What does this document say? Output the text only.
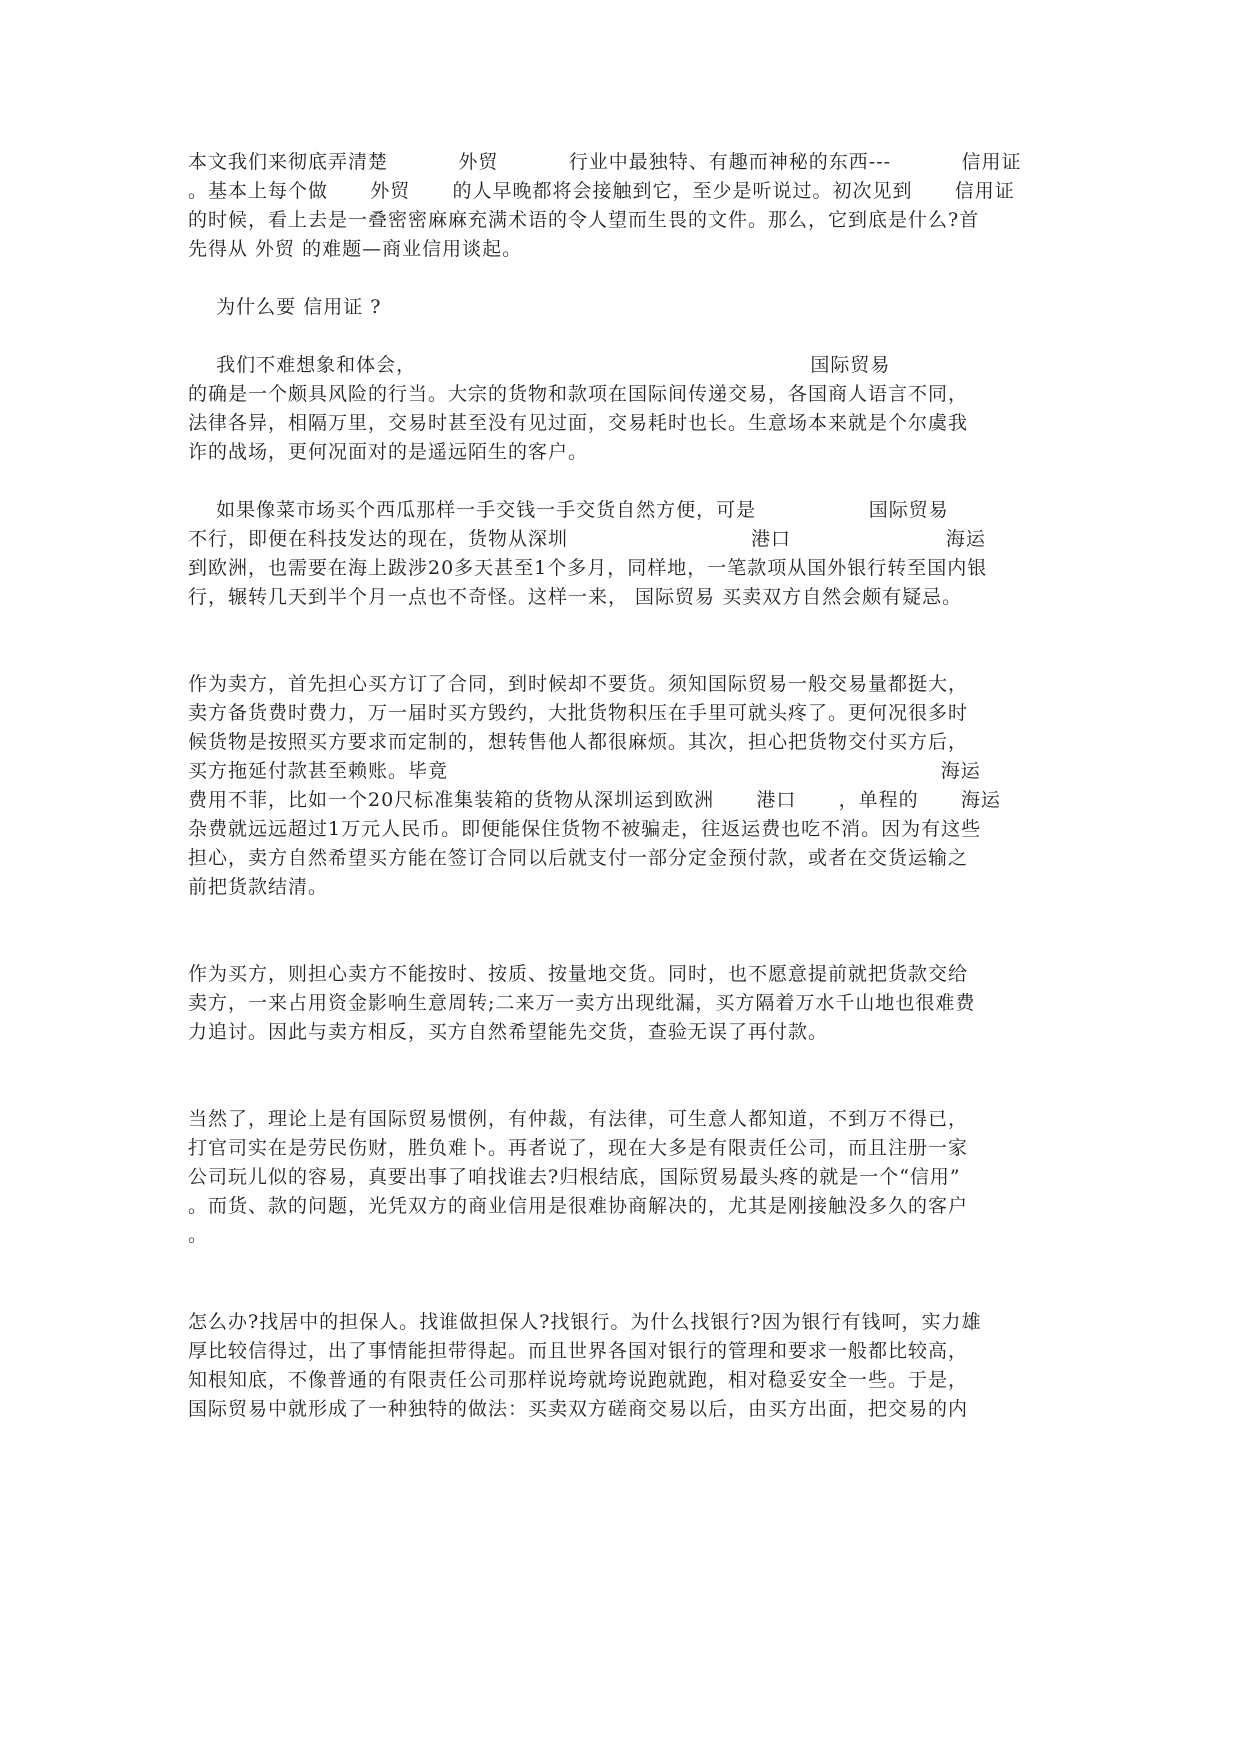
本文我们来彻底弄清楚          外贸          行业中最独特、有趣而神秘的东西---          信用证
。基本上每个做      外贸      的人早晚都将会接触到它，至少是听说过。初次见到      信用证
的时候，看上去是一叠密密麻麻充满术语的令人望而生畏的文件。那么，它到底是什么?首
先得从 外贸 的难题—商业信用谈起。
为什么要 信用证 ?
我们不难想象和体会，                                                        国际贸易
的确是一个颇具风险的行当。大宗的货物和款项在国际间传递交易，各国商人语言不同，
法律各异，相隔万里，交易时甚至没有见过面，交易耗时也长。生意场本来就是个尔虞我
诈的战场，更何况面对的是遥远陌生的客户。
如果像菜市场买个西瓜那样一手交钱一手交货自然方便，可是                国际贸易
不行，即便在科技发达的现在，货物从深圳                          港口                      海运
到欧洲，也需要在海上跋涉20多天甚至1个多月，同样地，一笔款项从国外银行转至国内银
行，辗转几天到半个月一点也不奇怪。这样一来， 国际贸易 买卖双方自然会颇有疑忌。
作为卖方，首先担心买方订了合同，到时候却不要货。须知国际贸易一般交易量都挺大，
卖方备货费时费力，万一届时买方毁约，大批货物积压在手里可就头疼了。更何况很多时
候货物是按照买方要求而定制的，想转售他人都很麻烦。其次，担心把货物交付买方后，
买方拖延付款甚至赖账。毕竟                                                                      海运
费用不菲，比如一个20尺标准集装箱的货物从深圳运到欧洲      港口      ，单程的      海运
杂费就远远超过1万元人民币。即便能保住货物不被骗走，往返运费也吃不消。因为有这些
担心，卖方自然希望买方能在签订合同以后就支付一部分定金预付款，或者在交货运输之
前把货款结清。
作为买方，则担心卖方不能按时、按质、按量地交货。同时，也不愿意提前就把货款交给
卖方，一来占用资金影响生意周转;二来万一卖方出现纰漏，买方隔着万水千山地也很难费
力追讨。因此与卖方相反，买方自然希望能先交货，查验无误了再付款。
当然了，理论上是有国际贸易惯例，有仲裁，有法律，可生意人都知道，不到万不得已，
打官司实在是劳民伤财，胜负难卜。再者说了，现在大多是有限责任公司，而且注册一家
公司玩儿似的容易，真要出事了咱找谁去?归根结底，国际贸易最头疼的就是一个“信用”
。而货、款的问题，光凭双方的商业信用是很难协商解决的，尤其是刚接触没多久的客户
。
怎么办?找居中的担保人。找谁做担保人?找银行。为什么找银行?因为银行有钱呵，实力雄
厚比较信得过，出了事情能担带得起。而且世界各国对银行的管理和要求一般都比较高，
知根知底，不像普通的有限责任公司那样说垮就垮说跑就跑，相对稳妥安全一些。于是，
国际贸易中就形成了一种独特的做法：买卖双方磋商交易以后，由买方出面，把交易的内
